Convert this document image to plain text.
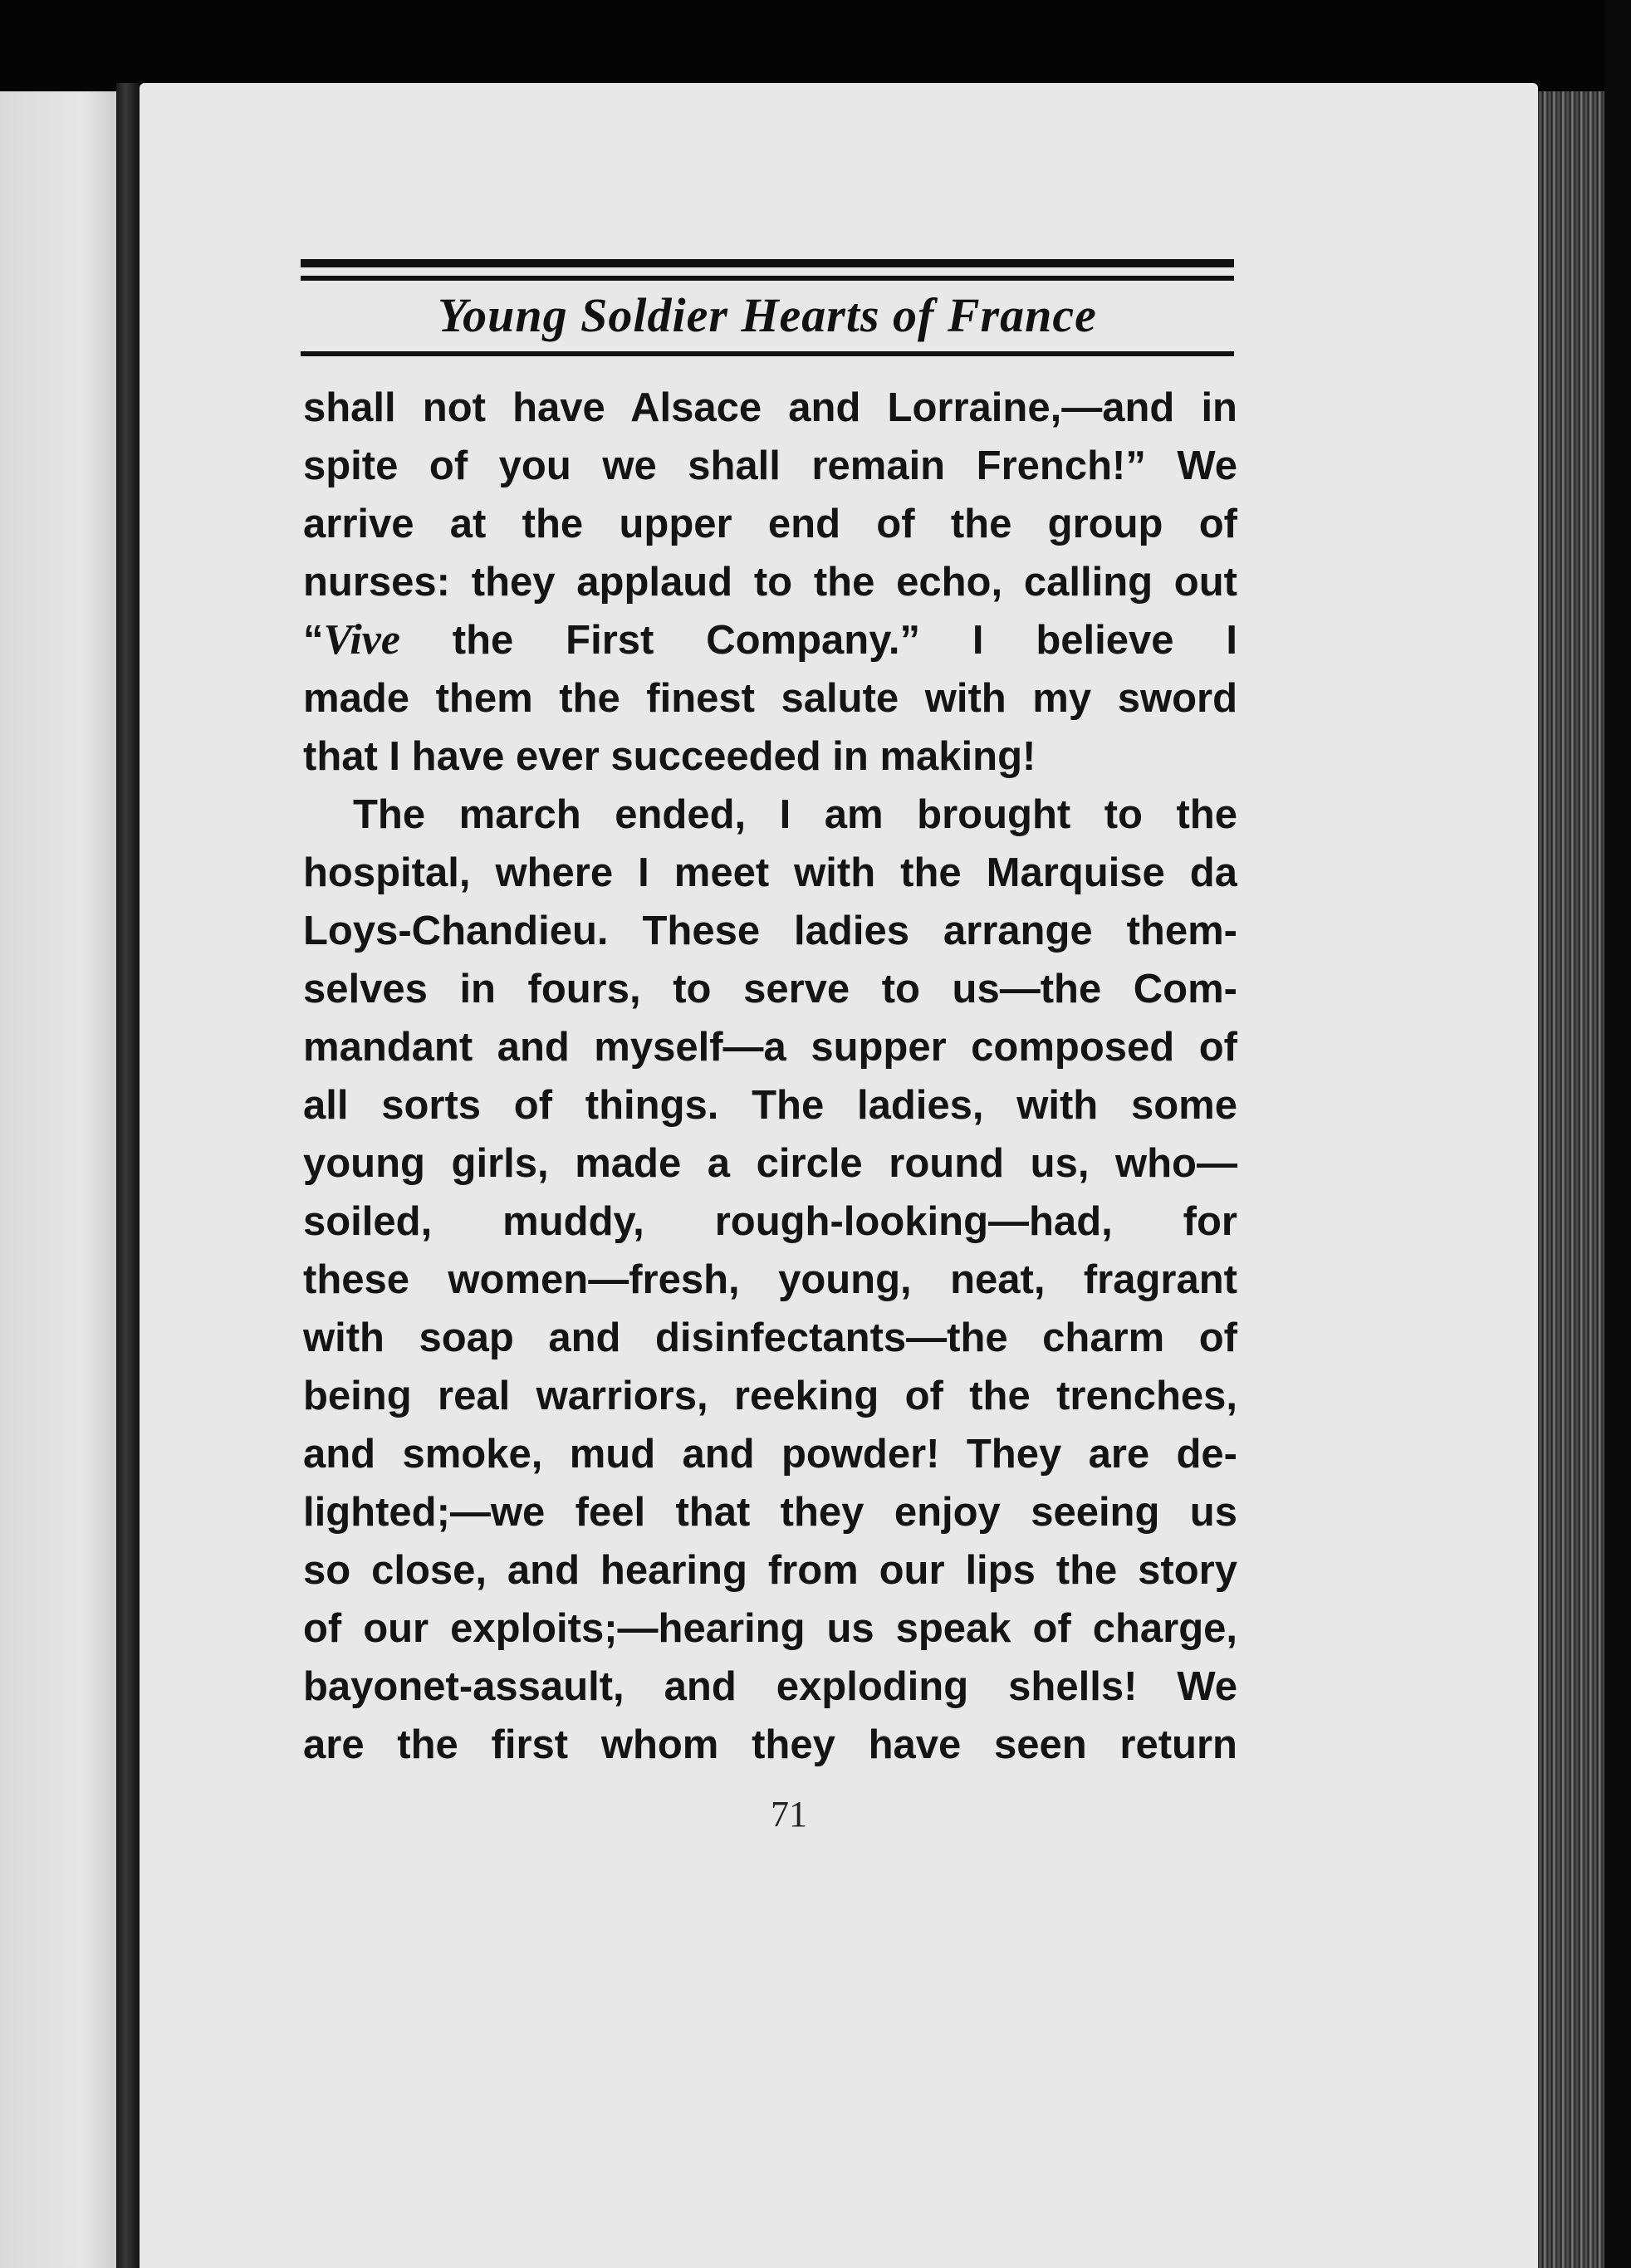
Young Soldier Hearts of France
shall not have Alsace and Lorraine,—and in
spite of you we shall remain French!” We
arrive at the upper end of the group of
nurses: they applaud to the echo, calling out
“Vive the First Company.” I believe I
made them the finest salute with my sword
that I have ever succeeded in making!
The march ended, I am brought to the
hospital, where I meet with the Marquise da
Loys-Chandieu. These ladies arrange them-
selves in fours, to serve to us—the Com-
mandant and myself—a supper composed of
all sorts of things. The ladies, with some
young girls, made a circle round us, who—
soiled, muddy, rough-looking—had, for
these women—fresh, young, neat, fragrant
with soap and disinfectants—the charm of
being real warriors, reeking of the trenches,
and smoke, mud and powder! They are de-
lighted;—we feel that they enjoy seeing us
so close, and hearing from our lips the story
of our exploits;—hearing us speak of charge,
bayonet-assault, and exploding shells! We
are the first whom they have seen return
71
